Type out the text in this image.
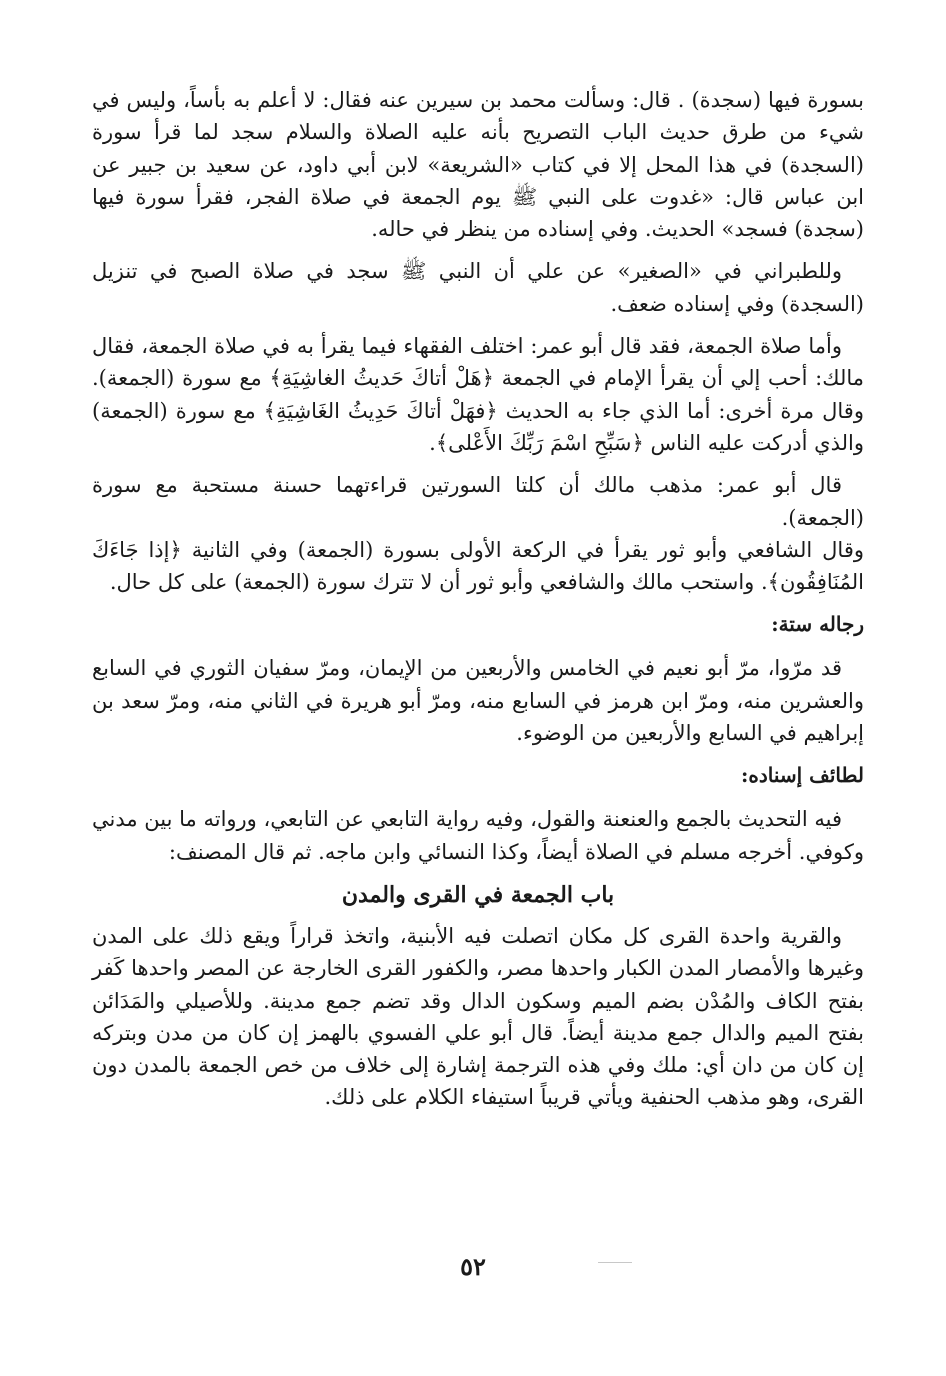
بسورة فيها (سجدة) . قال: وسألت محمد بن سيرين عنه فقال: لا أعلم به بأساً، وليس في شيء من طرق حديث الباب التصريح بأنه عليه الصلاة والسلام سجد لما قرأ سورة (السجدة) في هذا المحل إلا في كتاب «الشريعة» لابن أبي داود، عن سعيد بن جبير عن ابن عباس قال: «غدوت على النبي ﷺ يوم الجمعة في صلاة الفجر، فقرأ سورة فيها (سجدة) فسجد» الحديث. وفي إسناده من ينظر في حاله.

وللطبراني في «الصغير» عن علي أن النبي ﷺ سجد في صلاة الصبح في تنزيل (السجدة) وفي إسناده ضعف.

وأما صلاة الجمعة، فقد قال أبو عمر: اختلف الفقهاء فيما يقرأ به في صلاة الجمعة، فقال مالك: أحب إلي أن يقرأ الإمام في الجمعة ﴿هَلْ أتاكَ حَديثُ الغاشِيَةِ﴾ مع سورة (الجمعة). وقال مرة أخرى: أما الذي جاء به الحديث ﴿فهَلْ أتاكَ حَدِيثُ الغَاشِيَةِ﴾ مع سورة (الجمعة) والذي أدركت عليه الناس ﴿سَبِّحِ اسْمَ رَبِّكَ الأَعْلى﴾.

قال أبو عمر: مذهب مالك أن كلتا السورتين قراءتهما حسنة مستحبة مع سورة (الجمعة).

وقال الشافعي وأبو ثور يقرأ في الركعة الأولى بسورة (الجمعة) وفي الثانية ﴿إذا جَاءَكَ المُنَافِقُون﴾. واستحب مالك والشافعي وأبو ثور أن لا تترك سورة (الجمعة) على كل حال.

رجاله ستة:

قد مرّوا، مرّ أبو نعيم في الخامس والأربعين من الإيمان، ومرّ سفيان الثوري في السابع والعشرين منه، ومرّ ابن هرمز في السابع منه، ومرّ أبو هريرة في الثاني منه، ومرّ سعد بن إبراهيم في السابع والأربعين من الوضوء.

لطائف إسناده:

فيه التحديث بالجمع والعنعنة والقول، وفيه رواية التابعي عن التابعي، ورواته ما بين مدني وكوفي. أخرجه مسلم في الصلاة أيضاً، وكذا النسائي وابن ماجه. ثم قال المصنف:

باب الجمعة في القرى والمدن

والقرية واحدة القرى كل مكان اتصلت فيه الأبنية، واتخذ قراراً ويقع ذلك على المدن وغيرها والأمصار المدن الكبار واحدها مصر، والكفور القرى الخارجة عن المصر واحدها كَفر بفتح الكاف والمُدْن بضم الميم وسكون الدال وقد تضم جمع مدينة. وللأصيلي والمَدَائن بفتح الميم والدال جمع مدينة أيضاً. قال أبو علي الفسوي بالهمز إن كان من مدن وبتركه إن كان من دان أي: ملك وفي هذه الترجمة إشارة إلى خلاف من خص الجمعة بالمدن دون القرى، وهو مذهب الحنفية ويأتي قريباً استيفاء الكلام على ذلك.

٥٢
